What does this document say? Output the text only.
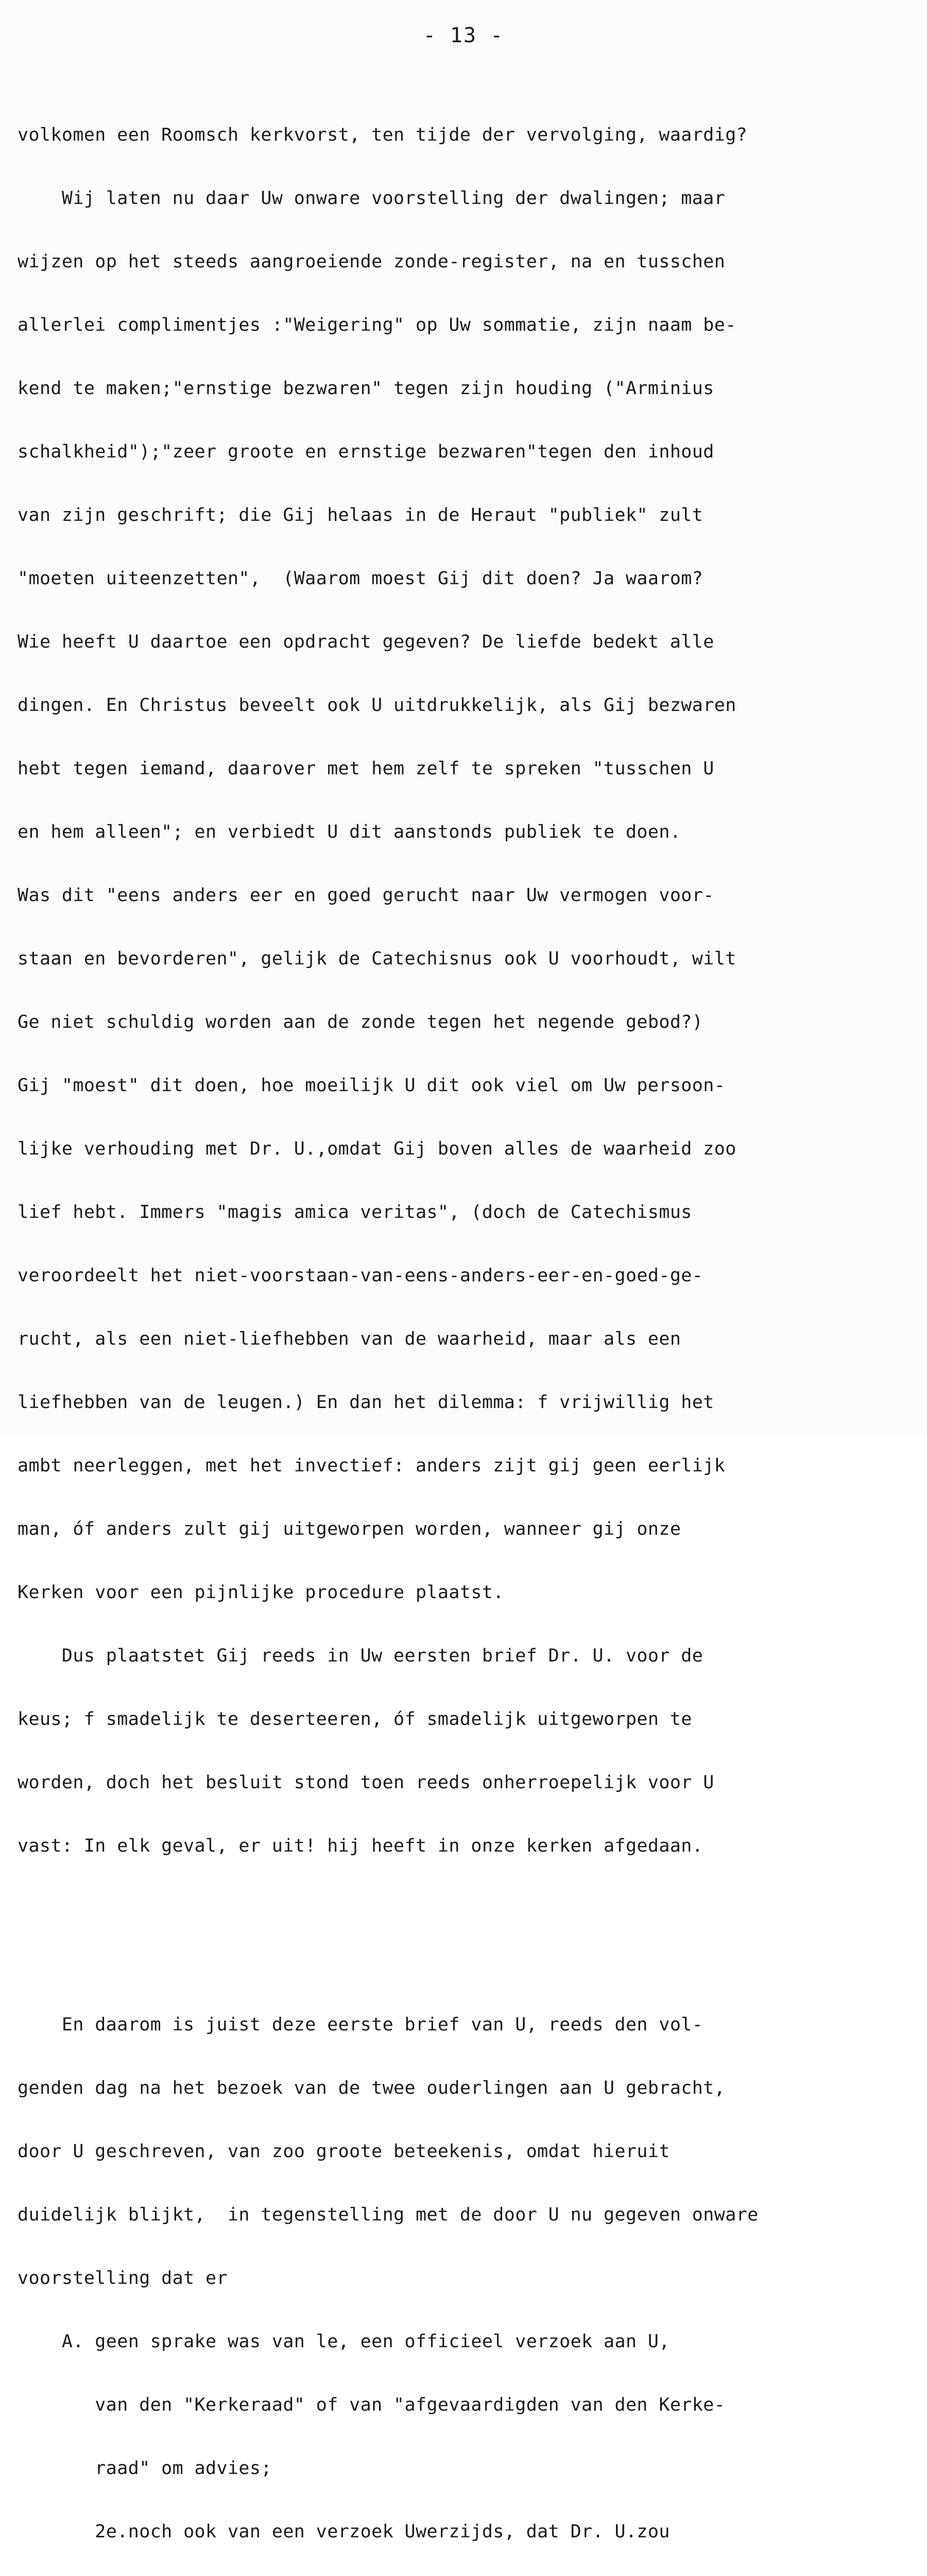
- 13 -

volkomen een Roomsch kerkvorst, ten tijde der vervolging, waardig?

Wij laten nu daar Uw onware voorstelling der dwalingen; maar

wijzen op het steeds aangroeiende zonde-register, na en tusschen

allerlei complimentjes :"Weigering" op Uw sommatie, zijn naam be-

kend te maken;"ernstige bezwaren" tegen zijn houding ("Arminius

schalkheid");"zeer groote en ernstige bezwaren"tegen den inhoud

van zijn geschrift; die Gij helaas in de Heraut "publiek" zult

"moeten uiteenzetten",  (Waarom moest Gij dit doen? Ja waarom?

Wie heeft U daartoe een opdracht gegeven? De liefde bedekt alle

dingen. En Christus beveelt ook U uitdrukkelijk, als Gij bezwaren

hebt tegen iemand, daarover met hem zelf te spreken "tusschen U

en hem alleen"; en verbiedt U dit aanstonds publiek te doen.

Was dit "eens anders eer en goed gerucht naar Uw vermogen voor-

staan en bevorderen", gelijk de Catechisnus ook U voorhoudt, wilt

Ge niet schuldig worden aan de zonde tegen het negende gebod?)

Gij "moest" dit doen, hoe moeilijk U dit ook viel om Uw persoon-

lijke verhouding met Dr. U.,omdat Gij boven alles de waarheid zoo

lief hebt. Immers "magis amica veritas", (doch de Catechismus

veroordeelt het niet-voorstaan-van-eens-anders-eer-en-goed-ge-

rucht, als een niet-liefhebben van de waarheid, maar als een

liefhebben van de leugen.) En dan het dilemma: f vrijwillig het

ambt neerleggen, met het invectief: anders zijt gij geen eerlijk

man, óf anders zult gij uitgeworpen worden, wanneer gij onze

Kerken voor een pijnlijke procedure plaatst.

Dus plaatstet Gij reeds in Uw eersten brief Dr. U. voor de

keus; f smadelijk te deserteeren, óf smadelijk uitgeworpen te

worden, doch het besluit stond toen reeds onherroepelijk voor U

vast: In elk geval, er uit! hij heeft in onze kerken afgedaan.

En daarom is juist deze eerste brief van U, reeds den vol-

genden dag na het bezoek van de twee ouderlingen aan U gebracht,

door U geschreven, van zoo groote beteekenis, omdat hieruit

duidelijk blijkt,  in tegenstelling met de door U nu gegeven onware

voorstelling dat er

A. geen sprake was van le, een officieel verzoek aan U,

van den "Kerkeraad" of van "afgevaardigden van den Kerke-

raad" om advies;

2e.noch ook van een verzoek Uwerzijds, dat Dr. U.zou
